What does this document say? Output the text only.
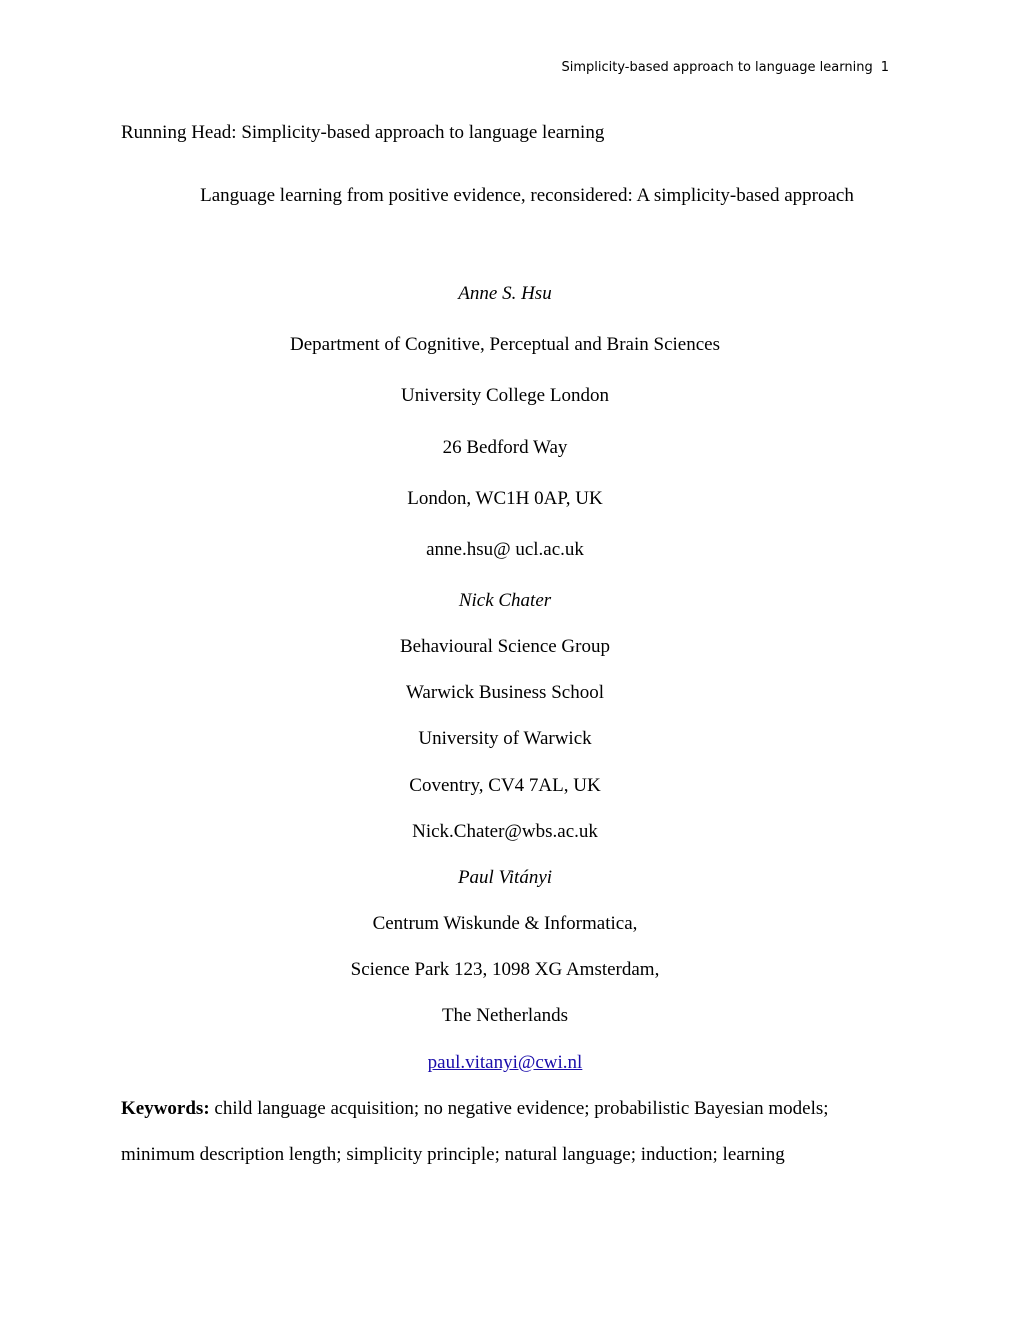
Simplicity-based approach to language learning 1
Running Head: Simplicity-based approach to language learning
Language learning from positive evidence, reconsidered: A simplicity-based approach
Anne S. Hsu
Department of Cognitive, Perceptual and Brain Sciences
University College London
26 Bedford Way
London, WC1H 0AP, UK
anne.hsu@ ucl.ac.uk
Nick Chater
Behavioural Science Group
Warwick Business School
University of Warwick
Coventry, CV4 7AL, UK
Nick.Chater@wbs.ac.uk
Paul Vitányi
Centrum Wiskunde & Informatica,
Science Park 123, 1098 XG Amsterdam,
The Netherlands
paul.vitanyi@cwi.nl
Keywords: child language acquisition; no negative evidence; probabilistic Bayesian models;
minimum description length; simplicity principle; natural language; induction; learning
